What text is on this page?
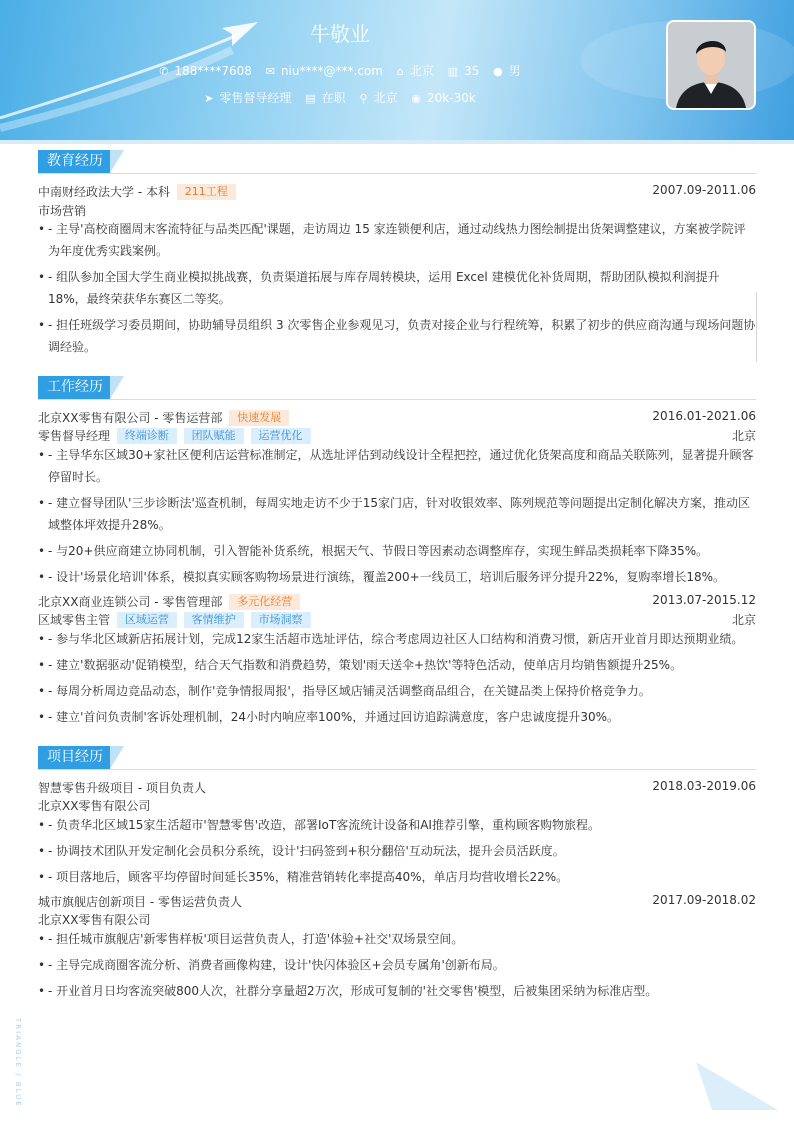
牛敬业
✆ 188****7608 ✉ niu****@***.com ⌂ 北京 ▥ 35 ● 男
➤ 零售督导经理 ▤ 在职 ⚲ 北京 ◉ 20k-30k
教育经历
中南财经政法大学 - 本科 211工程	2007.09-2011.06
市场营销
• - 主导'高校商圈周末客流特征与品类匹配'课题，走访周边 15 家连锁便利店，通过动线热力图绘制提出货架调整建议，方案被学院评为年度优秀实践案例。
• - 组队参加全国大学生商业模拟挑战赛，负责渠道拓展与库存周转模块，运用 Excel 建模优化补货周期，帮助团队模拟利润提升 18%，最终荣获华东赛区二等奖。
• - 担任班级学习委员期间，协助辅导员组织 3 次零售企业参观见习，负责对接企业与行程统筹，积累了初步的供应商沟通与现场问题协调经验。
工作经历
北京XX零售有限公司 - 零售运营部 快速发展	2016.01-2021.06
零售督导经理 终端诊断 团队赋能 运营优化	北京
• - 主导华东区域30+家社区便利店运营标准制定，从选址评估到动线设计全程把控，通过优化货架高度和商品关联陈列，显著提升顾客停留时长。
• - 建立督导团队'三步诊断法'巡查机制，每周实地走访不少于15家门店，针对收银效率、陈列规范等问题提出定制化解决方案，推动区域整体坪效提升28%。
• - 与20+供应商建立协同机制，引入智能补货系统，根据天气、节假日等因素动态调整库存，实现生鲜品类损耗率下降35%。
• - 设计'场景化培训'体系，模拟真实顾客购物场景进行演练，覆盖200+一线员工，培训后服务评分提升22%，复购率增长18%。
北京XX商业连锁公司 - 零售管理部 多元化经营	2013.07-2015.12
区域零售主管 区域运营 客情维护 市场洞察	北京
• - 参与华北区域新店拓展计划，完成12家生活超市选址评估，综合考虑周边社区人口结构和消费习惯，新店开业首月即达预期业绩。
• - 建立'数据驱动'促销模型，结合天气指数和消费趋势，策划'雨天送伞+热饮'等特色活动，使单店月均销售额提升25%。
• - 每周分析周边竞品动态，制作'竞争情报周报'，指导区域店铺灵活调整商品组合，在关键品类上保持价格竞争力。
• - 建立'首问负责制'客诉处理机制，24小时内响应率100%，并通过回访追踪满意度，客户忠诚度提升30%。
项目经历
智慧零售升级项目 - 项目负责人	2018.03-2019.06
北京XX零售有限公司
• - 负责华北区域15家生活超市'智慧零售'改造，部署IoT客流统计设备和AI推荐引擎，重构顾客购物旅程。
• - 协调技术团队开发定制化会员积分系统，设计'扫码签到+积分翻倍'互动玩法，提升会员活跃度。
• - 项目落地后，顾客平均停留时间延长35%，精准营销转化率提高40%，单店月均营收增长22%。
城市旗舰店创新项目 - 零售运营负责人	2017.09-2018.02
北京XX零售有限公司
• - 担任城市旗舰店'新零售样板'项目运营负责人，打造'体验+社交'双场景空间。
• - 主导完成商圈客流分析、消费者画像构建，设计'快闪体验区+会员专属角'创新布局。
• - 开业首月日均客流突破800人次，社群分享量超2万次，形成可复制的'社交零售'模型，后被集团采纳为标准店型。
TRIANGLE / BLUE
